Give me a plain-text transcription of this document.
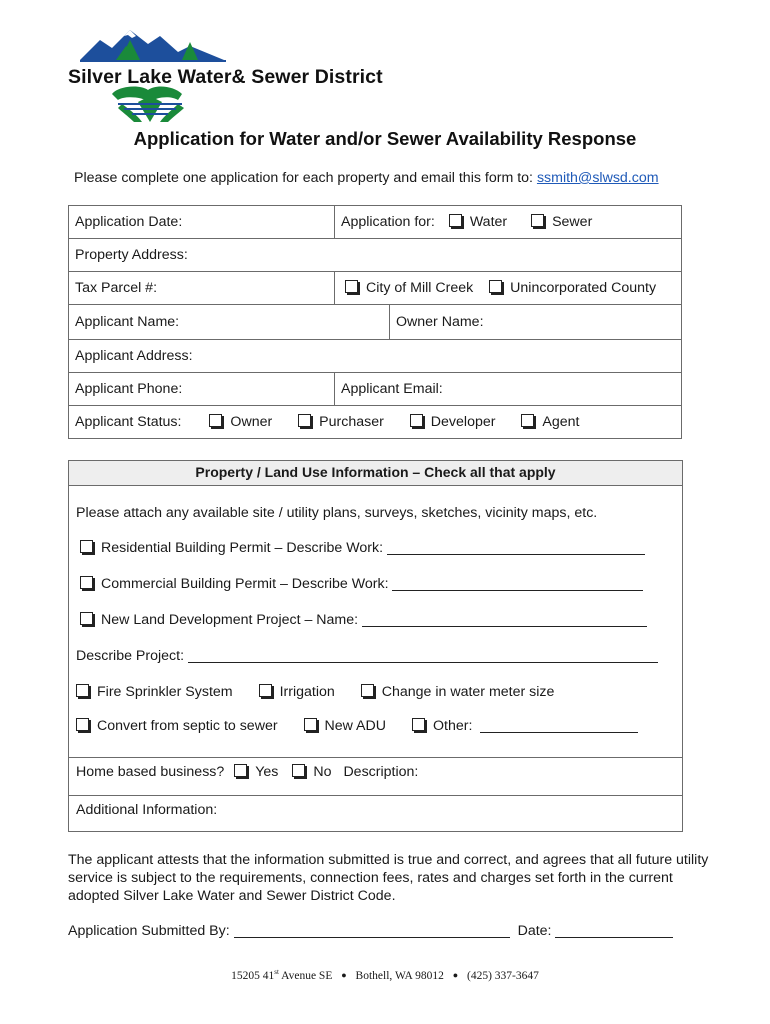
Silver Lake Water& Sewer District
Application for Water and/or Sewer Availability Response
Please complete one application for each property and email this form to: ssmith@slwsd.com
Application Date:	Application for: Water Sewer	
Property Address:		
Tax Parcel #:	City of Mill Creek Unincorporated County	
Applicant Name:		Owner Name:
Applicant Address:		
Applicant Phone:	Applicant Email:	
Applicant Status: Owner Purchaser Developer Agent		
Property / Land Use Information – Check all that apply
Please attach any available site / utility plans, surveys, sketches, vicinity maps, etc.
Residential Building Permit – Describe Work:
Commercial Building Permit – Describe Work:
New Land Development Project – Name:
Describe Project:
Fire Sprinkler System	Irrigation	Change in water meter size
Convert from septic to sewer	New ADU	Other:
Home based business? Yes No Description:
Additional Information:
The applicant attests that the information submitted is true and correct, and agrees that all future utility service is subject to the requirements, connection fees, rates and charges set forth in the current adopted Silver Lake Water and Sewer District Code.
Application Submitted By:	Date:
15205 41st Avenue SE ● Bothell, WA 98012 ● (425) 337-3647
